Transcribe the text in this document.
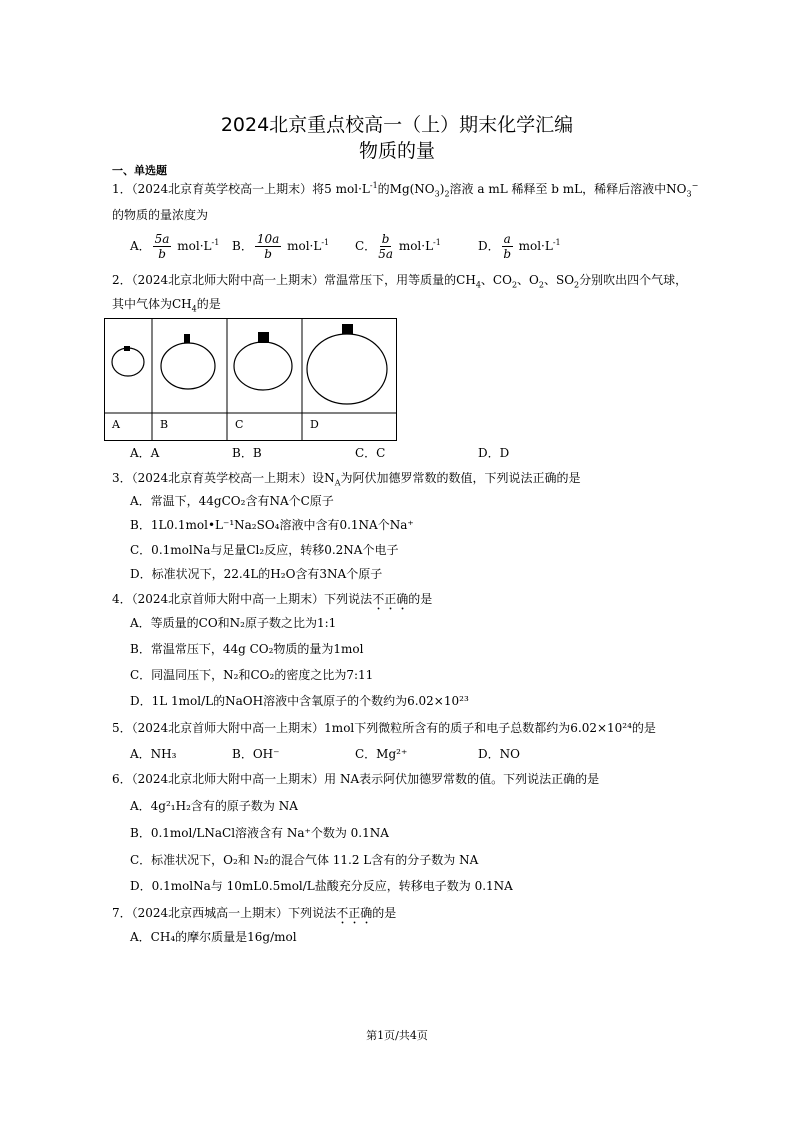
2024北京重点校高一（上）期末化学汇编
物质的量
一、单选题
1．（2024北京育英学校高一上期末）将5 $mol\cdot L^{-1}$的$Mg(NO_3)_2$溶液 a mL 稀释至 b mL，稀释后溶液中$NO_3^-$
的物质的量浓度为
A． $\frac{5a}{b} mol\cdot L^{-1}$ B． $\frac{10a}{b} mol\cdot L^{-1}$ C． $\frac{b}{5a} mol\cdot L^{-1}$	D． $\frac{a}{b} mol\cdot L^{-1}$
2．（2024北京北师大附中高一上期末）常温常压下，用等质量的$CH_4$、$CO_2$、$O_2$、$SO_2$分别吹出四个气球，
其中气体为$CH_4$的是
A	B	C	D
A．A	B．B	C．C	D．D
3．（2024北京育英学校高一上期末）设$N_A$为阿伏加德罗常数的数值，下列说法正确的是
A．常温下，44gCO₂含有NA个C原子
B．1L0.1mol•L⁻¹Na₂SO₄溶液中含有0.1NA个Na⁺
C．0.1molNa与足量Cl₂反应，转移0.2NA个电子
D．标准状况下，22.4L的H₂O含有3NA个原子
4．（2024北京首师大附中高一上期末）下列说法不正确的是
A．等质量的CO和N₂原子数之比为1:1
B．常温常压下，44g CO₂物质的量为1mol
C．同温同压下，N₂和CO₂的密度之比为7:11
D．1L 1mol/L的NaOH溶液中含氧原子的个数约为6.02×10²³
5．（2024北京首师大附中高一上期末）1mol下列微粒所含有的质子和电子总数都约为6.02×10²⁴的是
A．NH₃	B．OH⁻	C．Mg²⁺	D．NO
6．（2024北京北师大附中高一上期末）用 NA表示阿伏加德罗常数的值。下列说法正确的是
A．4g²₁H₂含有的原子数为 NA
B．0.1mol/LNaCl溶液含有 Na⁺个数为 0.1NA
C．标准状况下，O₂和 N₂的混合气体 11.2 L含有的分子数为 NA
D．0.1molNa与 10mL0.5mol/L盐酸充分反应，转移电子数为 0.1NA
7．（2024北京西城高一上期末）下列说法不正确的是
A．CH₄的摩尔质量是16g/mol
第1页/共4页
